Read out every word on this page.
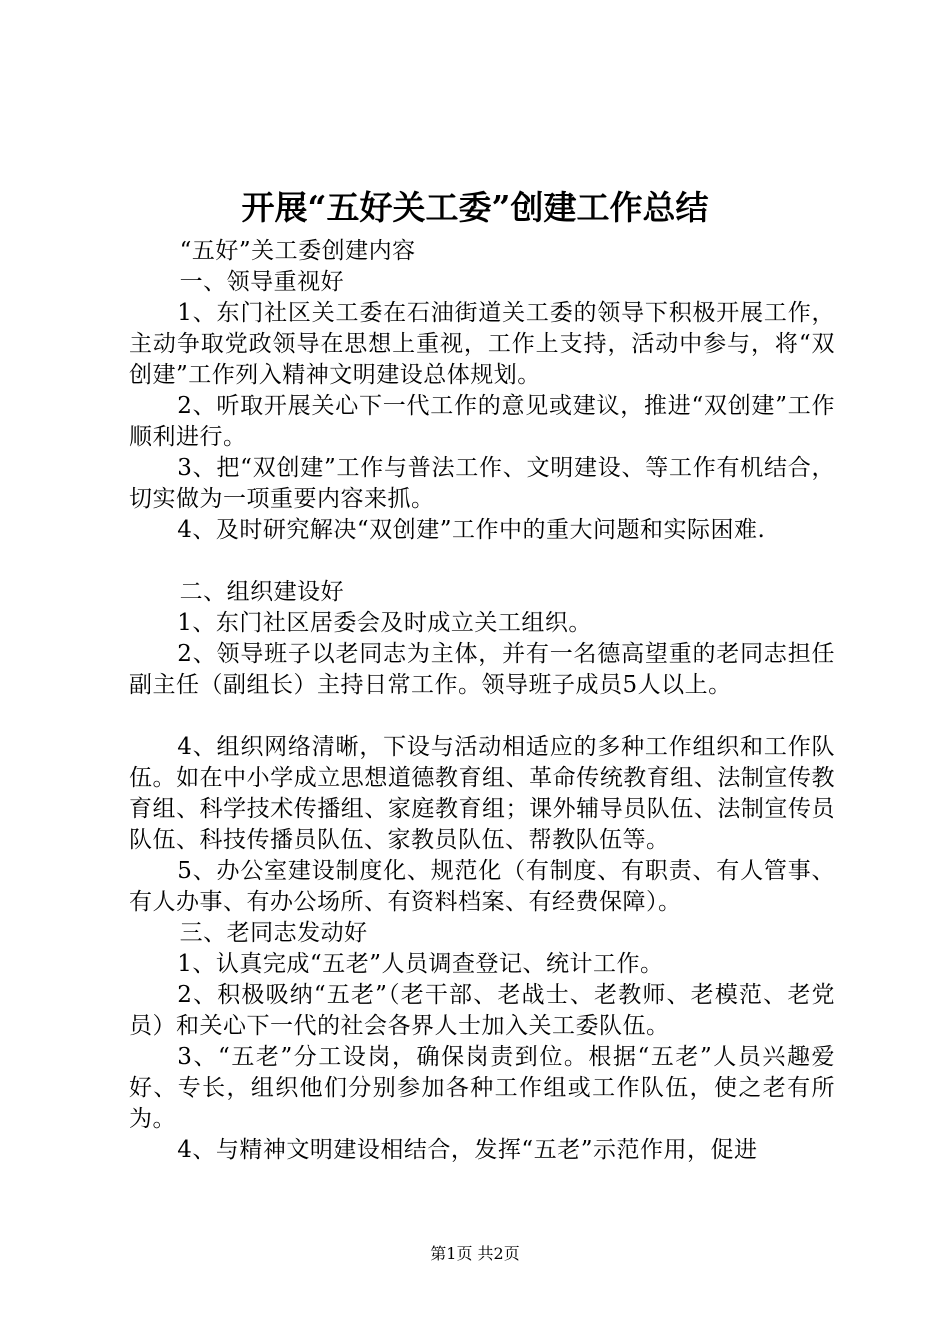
开展“五好关工委”创建工作总结

“五好”关工委创建内容

一、领导重视好

1、东门社区关工委在石油街道关工委的领导下积极开展工作，主动争取党政领导在思想上重视，工作上支持，活动中参与，将“双创建”工作列入精神文明建设总体规划。

2、听取开展关心下一代工作的意见或建议，推进“双创建”工作顺利进行。

3、把“双创建”工作与普法工作、文明建设、等工作有机结合，切实做为一项重要内容来抓。

4、及时研究解决“双创建”工作中的重大问题和实际困难.

二、组织建设好

1、东门社区居委会及时成立关工组织。

2、领导班子以老同志为主体，并有一名德高望重的老同志担任副主任（副组长）主持日常工作。领导班子成员5人以上。

4、组织网络清晰，下设与活动相适应的多种工作组织和工作队伍。如在中小学成立思想道德教育组、革命传统教育组、法制宣传教育组、科学技术传播组、家庭教育组；课外辅导员队伍、法制宣传员队伍、科技传播员队伍、家教员队伍、帮教队伍等。

5、办公室建设制度化、规范化（有制度、有职责、有人管事、有人办事、有办公场所、有资料档案、有经费保障）。

三、老同志发动好

1、认真完成“五老”人员调查登记、统计工作。

2、积极吸纳“五老”（老干部、老战士、老教师、老模范、老党员）和关心下一代的社会各界人士加入关工委队伍。

3、“五老”分工设岗，确保岗责到位。根据“五老”人员兴趣爱好、专长，组织他们分别参加各种工作组或工作队伍，使之老有所为。

4、与精神文明建设相结合，发挥“五老”示范作用，促进

第1页 共2页
